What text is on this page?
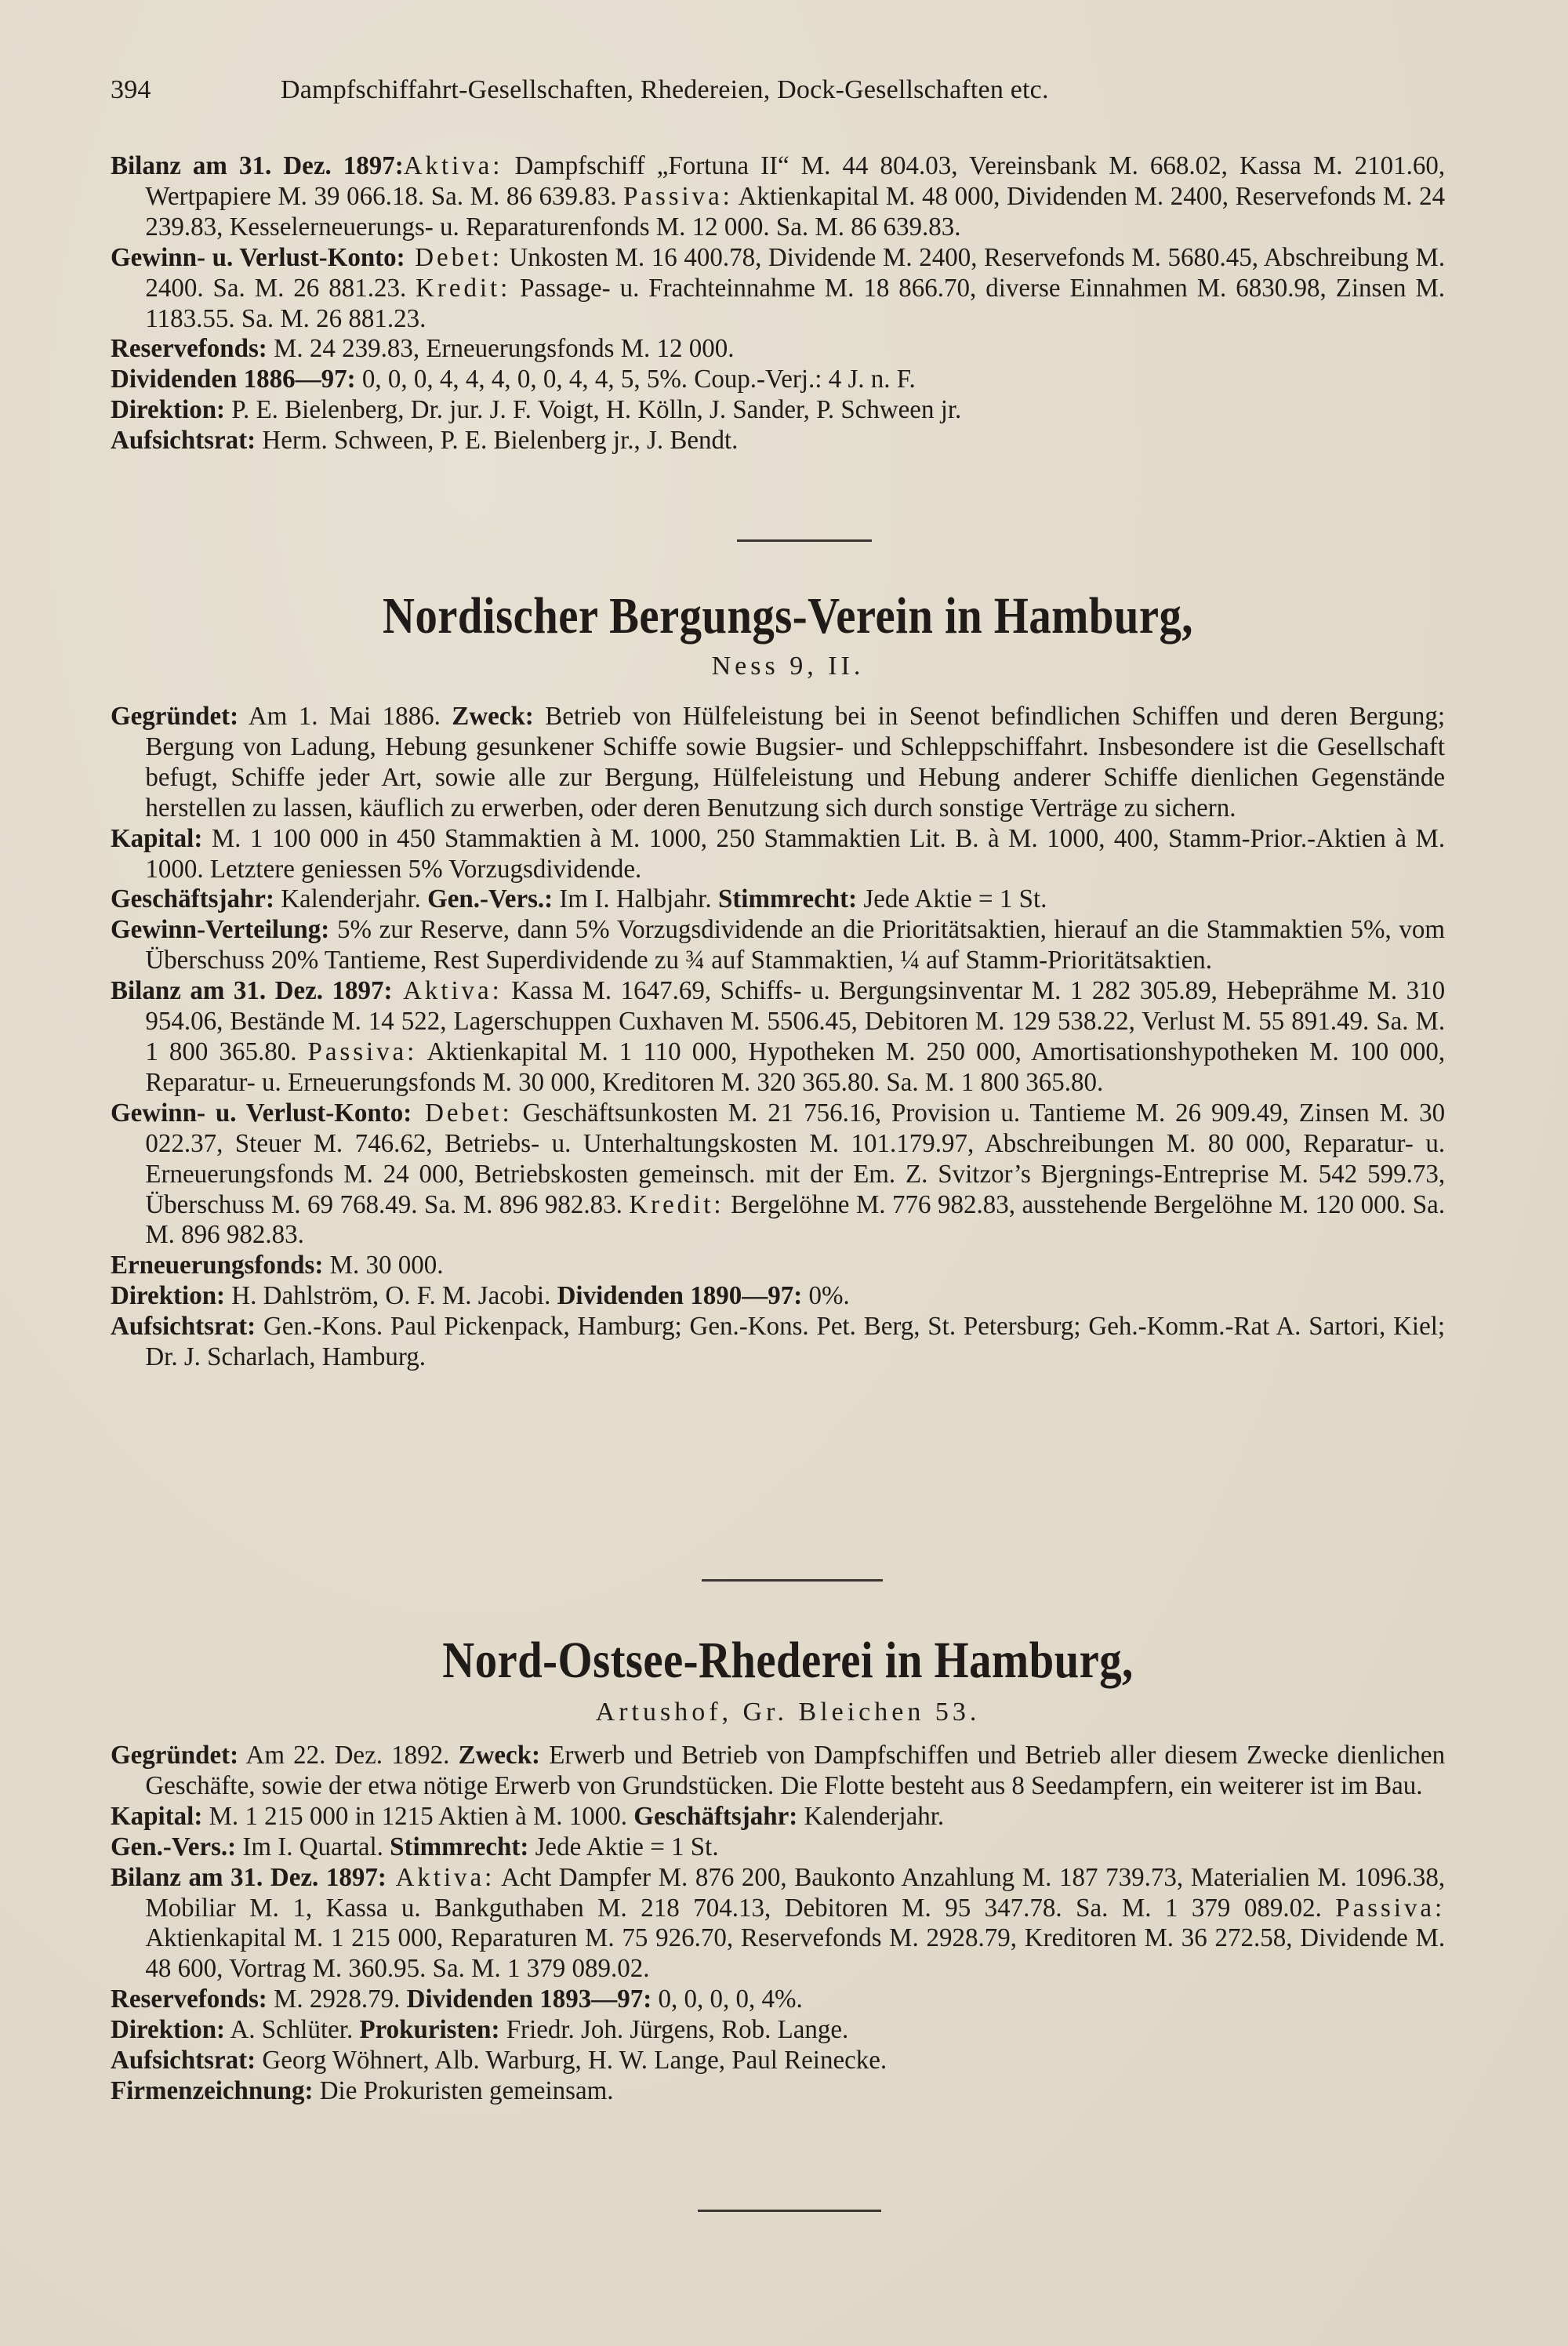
394	Dampfschiffahrt-Gesellschaften, Rhedereien, Dock-Gesellschaften etc.

Bilanz am 31. Dez. 1897:Aktiva: Dampfschiff „Fortuna II“ M. 44 804.03, Vereinsbank M. 668.02, Kassa M. 2101.60, Wertpapiere M. 39 066.18. Sa. M. 86 639.83. Passiva: Aktienkapital M. 48 000, Dividenden M. 2400, Reservefonds M. 24 239.83, Kesselerneuerungs- u. Reparaturenfonds M. 12 000. Sa. M. 86 639.83.

Gewinn- u. Verlust-Konto: Debet: Unkosten M. 16 400.78, Dividende M. 2400, Reservefonds M. 5680.45, Abschreibung M. 2400. Sa. M. 26 881.23. Kredit: Passage- u. Frachteinnahme M. 18 866.70, diverse Einnahmen M. 6830.98, Zinsen M. 1183.55. Sa. M. 26 881.23.

Reservefonds: M. 24 239.83, Erneuerungsfonds M. 12 000.

Dividenden 1886—97: 0, 0, 0, 4, 4, 4, 0, 0, 4, 4, 5, 5%. Coup.-Verj.: 4 J. n. F.

Direktion: P. E. Bielenberg, Dr. jur. J. F. Voigt, H. Kölln, J. Sander, P. Schween jr.

Aufsichtsrat: Herm. Schween, P. E. Bielenberg jr., J. Bendt.

Nordischer Bergungs-Verein in Hamburg,
Ness 9, II.

Gegründet: Am 1. Mai 1886. Zweck: Betrieb von Hülfeleistung bei in Seenot befindlichen Schiffen und deren Bergung; Bergung von Ladung, Hebung gesunkener Schiffe sowie Bugsier- und Schleppschiffahrt. Insbesondere ist die Gesellschaft befugt, Schiffe jeder Art, sowie alle zur Bergung, Hülfeleistung und Hebung anderer Schiffe dienlichen Gegenstände herstellen zu lassen, käuflich zu erwerben, oder deren Benutzung sich durch sonstige Verträge zu sichern.

Kapital: M. 1 100 000 in 450 Stammaktien à M. 1000, 250 Stammaktien Lit. B. à M. 1000, 400, Stamm-Prior.-Aktien à M. 1000. Letztere geniessen 5% Vorzugsdividende.

Geschäftsjahr: Kalenderjahr. Gen.-Vers.: Im I. Halbjahr. Stimmrecht: Jede Aktie = 1 St.

Gewinn-Verteilung: 5% zur Reserve, dann 5% Vorzugsdividende an die Prioritätsaktien, hierauf an die Stammaktien 5%, vom Überschuss 20% Tantieme, Rest Superdividende zu ¾ auf Stammaktien, ¼ auf Stamm-Prioritätsaktien.

Bilanz am 31. Dez. 1897: Aktiva: Kassa M. 1647.69, Schiffs- u. Bergungsinventar M. 1 282 305.89, Hebeprähme M. 310 954.06, Bestände M. 14 522, Lagerschuppen Cuxhaven M. 5506.45, Debitoren M. 129 538.22, Verlust M. 55 891.49. Sa. M. 1 800 365.80. Passiva: Aktienkapital M. 1 110 000, Hypotheken M. 250 000, Amortisationshypotheken M. 100 000, Reparatur- u. Erneuerungsfonds M. 30 000, Kreditoren M. 320 365.80. Sa. M. 1 800 365.80.

Gewinn- u. Verlust-Konto: Debet: Geschäftsunkosten M. 21 756.16, Provision u. Tantieme M. 26 909.49, Zinsen M. 30 022.37, Steuer M. 746.62, Betriebs- u. Unterhaltungskosten M. 101.179.97, Abschreibungen M. 80 000, Reparatur- u. Erneuerungsfonds M. 24 000, Betriebskosten gemeinsch. mit der Em. Z. Svitzor’s Bjergnings-Entreprise M. 542 599.73, Überschuss M. 69 768.49. Sa. M. 896 982.83. Kredit: Bergelöhne M. 776 982.83, ausstehende Bergelöhne M. 120 000. Sa. M. 896 982.83.

Erneuerungsfonds: M. 30 000.

Direktion: H. Dahlström, O. F. M. Jacobi. Dividenden 1890—97: 0%.

Aufsichtsrat: Gen.-Kons. Paul Pickenpack, Hamburg; Gen.-Kons. Pet. Berg, St. Petersburg; Geh.-Komm.-Rat A. Sartori, Kiel; Dr. J. Scharlach, Hamburg.

Nord-Ostsee-Rhederei in Hamburg,
Artushof, Gr. Bleichen 53.

Gegründet: Am 22. Dez. 1892. Zweck: Erwerb und Betrieb von Dampfschiffen und Betrieb aller diesem Zwecke dienlichen Geschäfte, sowie der etwa nötige Erwerb von Grundstücken. Die Flotte besteht aus 8 Seedampfern, ein weiterer ist im Bau.

Kapital: M. 1 215 000 in 1215 Aktien à M. 1000. Geschäftsjahr: Kalenderjahr.

Gen.-Vers.: Im I. Quartal. Stimmrecht: Jede Aktie = 1 St.

Bilanz am 31. Dez. 1897: Aktiva: Acht Dampfer M. 876 200, Baukonto Anzahlung M. 187 739.73, Materialien M. 1096.38, Mobiliar M. 1, Kassa u. Bankguthaben M. 218 704.13, Debitoren M. 95 347.78. Sa. M. 1 379 089.02. Passiva: Aktienkapital M. 1 215 000, Reparaturen M. 75 926.70, Reservefonds M. 2928.79, Kreditoren M. 36 272.58, Dividende M. 48 600, Vortrag M. 360.95. Sa. M. 1 379 089.02.

Reservefonds: M. 2928.79. Dividenden 1893—97: 0, 0, 0, 0, 4%.

Direktion: A. Schlüter. Prokuristen: Friedr. Joh. Jürgens, Rob. Lange.

Aufsichtsrat: Georg Wöhnert, Alb. Warburg, H. W. Lange, Paul Reinecke.

Firmenzeichnung: Die Prokuristen gemeinsam.
